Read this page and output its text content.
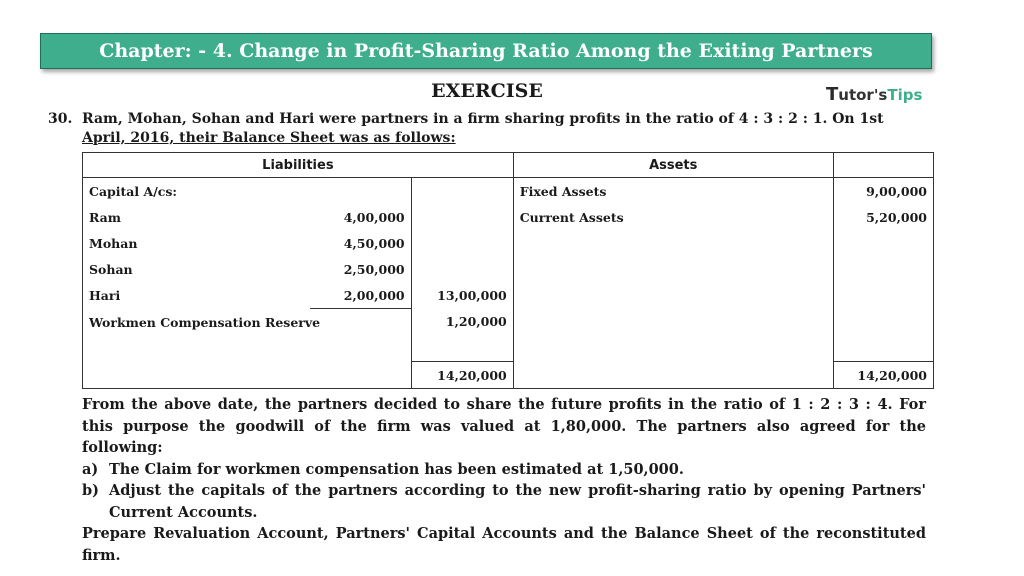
Chapter: - 4. Change in Profit-Sharing Ratio Among the Exiting Partners
EXERCISE	Tutor'sTips
30. Ram, Mohan, Sohan and Hari were partners in a firm sharing profits in the ratio of 4 : 3 : 2 : 1. On 1st
April, 2016, their Balance Sheet was as follows:
Liabilities			Assets	
Capital A/cs:			Fixed Assets	9,00,000
Ram	4,00,000		Current Assets	5,20,000
Mohan	4,50,000			
Sohan	2,50,000			
Hari	2,00,000	13,00,000		
Workmen Compensation Reserve		1,20,000		

		14,20,000		14,20,000
From the above date, the partners decided to share the future profits in the ratio of 1 : 2 : 3 : 4. For this purpose the goodwill of the firm was valued at 1,80,000. The partners also agreed for the following:
a) The Claim for workmen compensation has been estimated at 1,50,000.
b) Adjust the capitals of the partners according to the new profit-sharing ratio by opening Partners' Current Accounts.
Prepare Revaluation Account, Partners' Capital Accounts and the Balance Sheet of the reconstituted firm.
